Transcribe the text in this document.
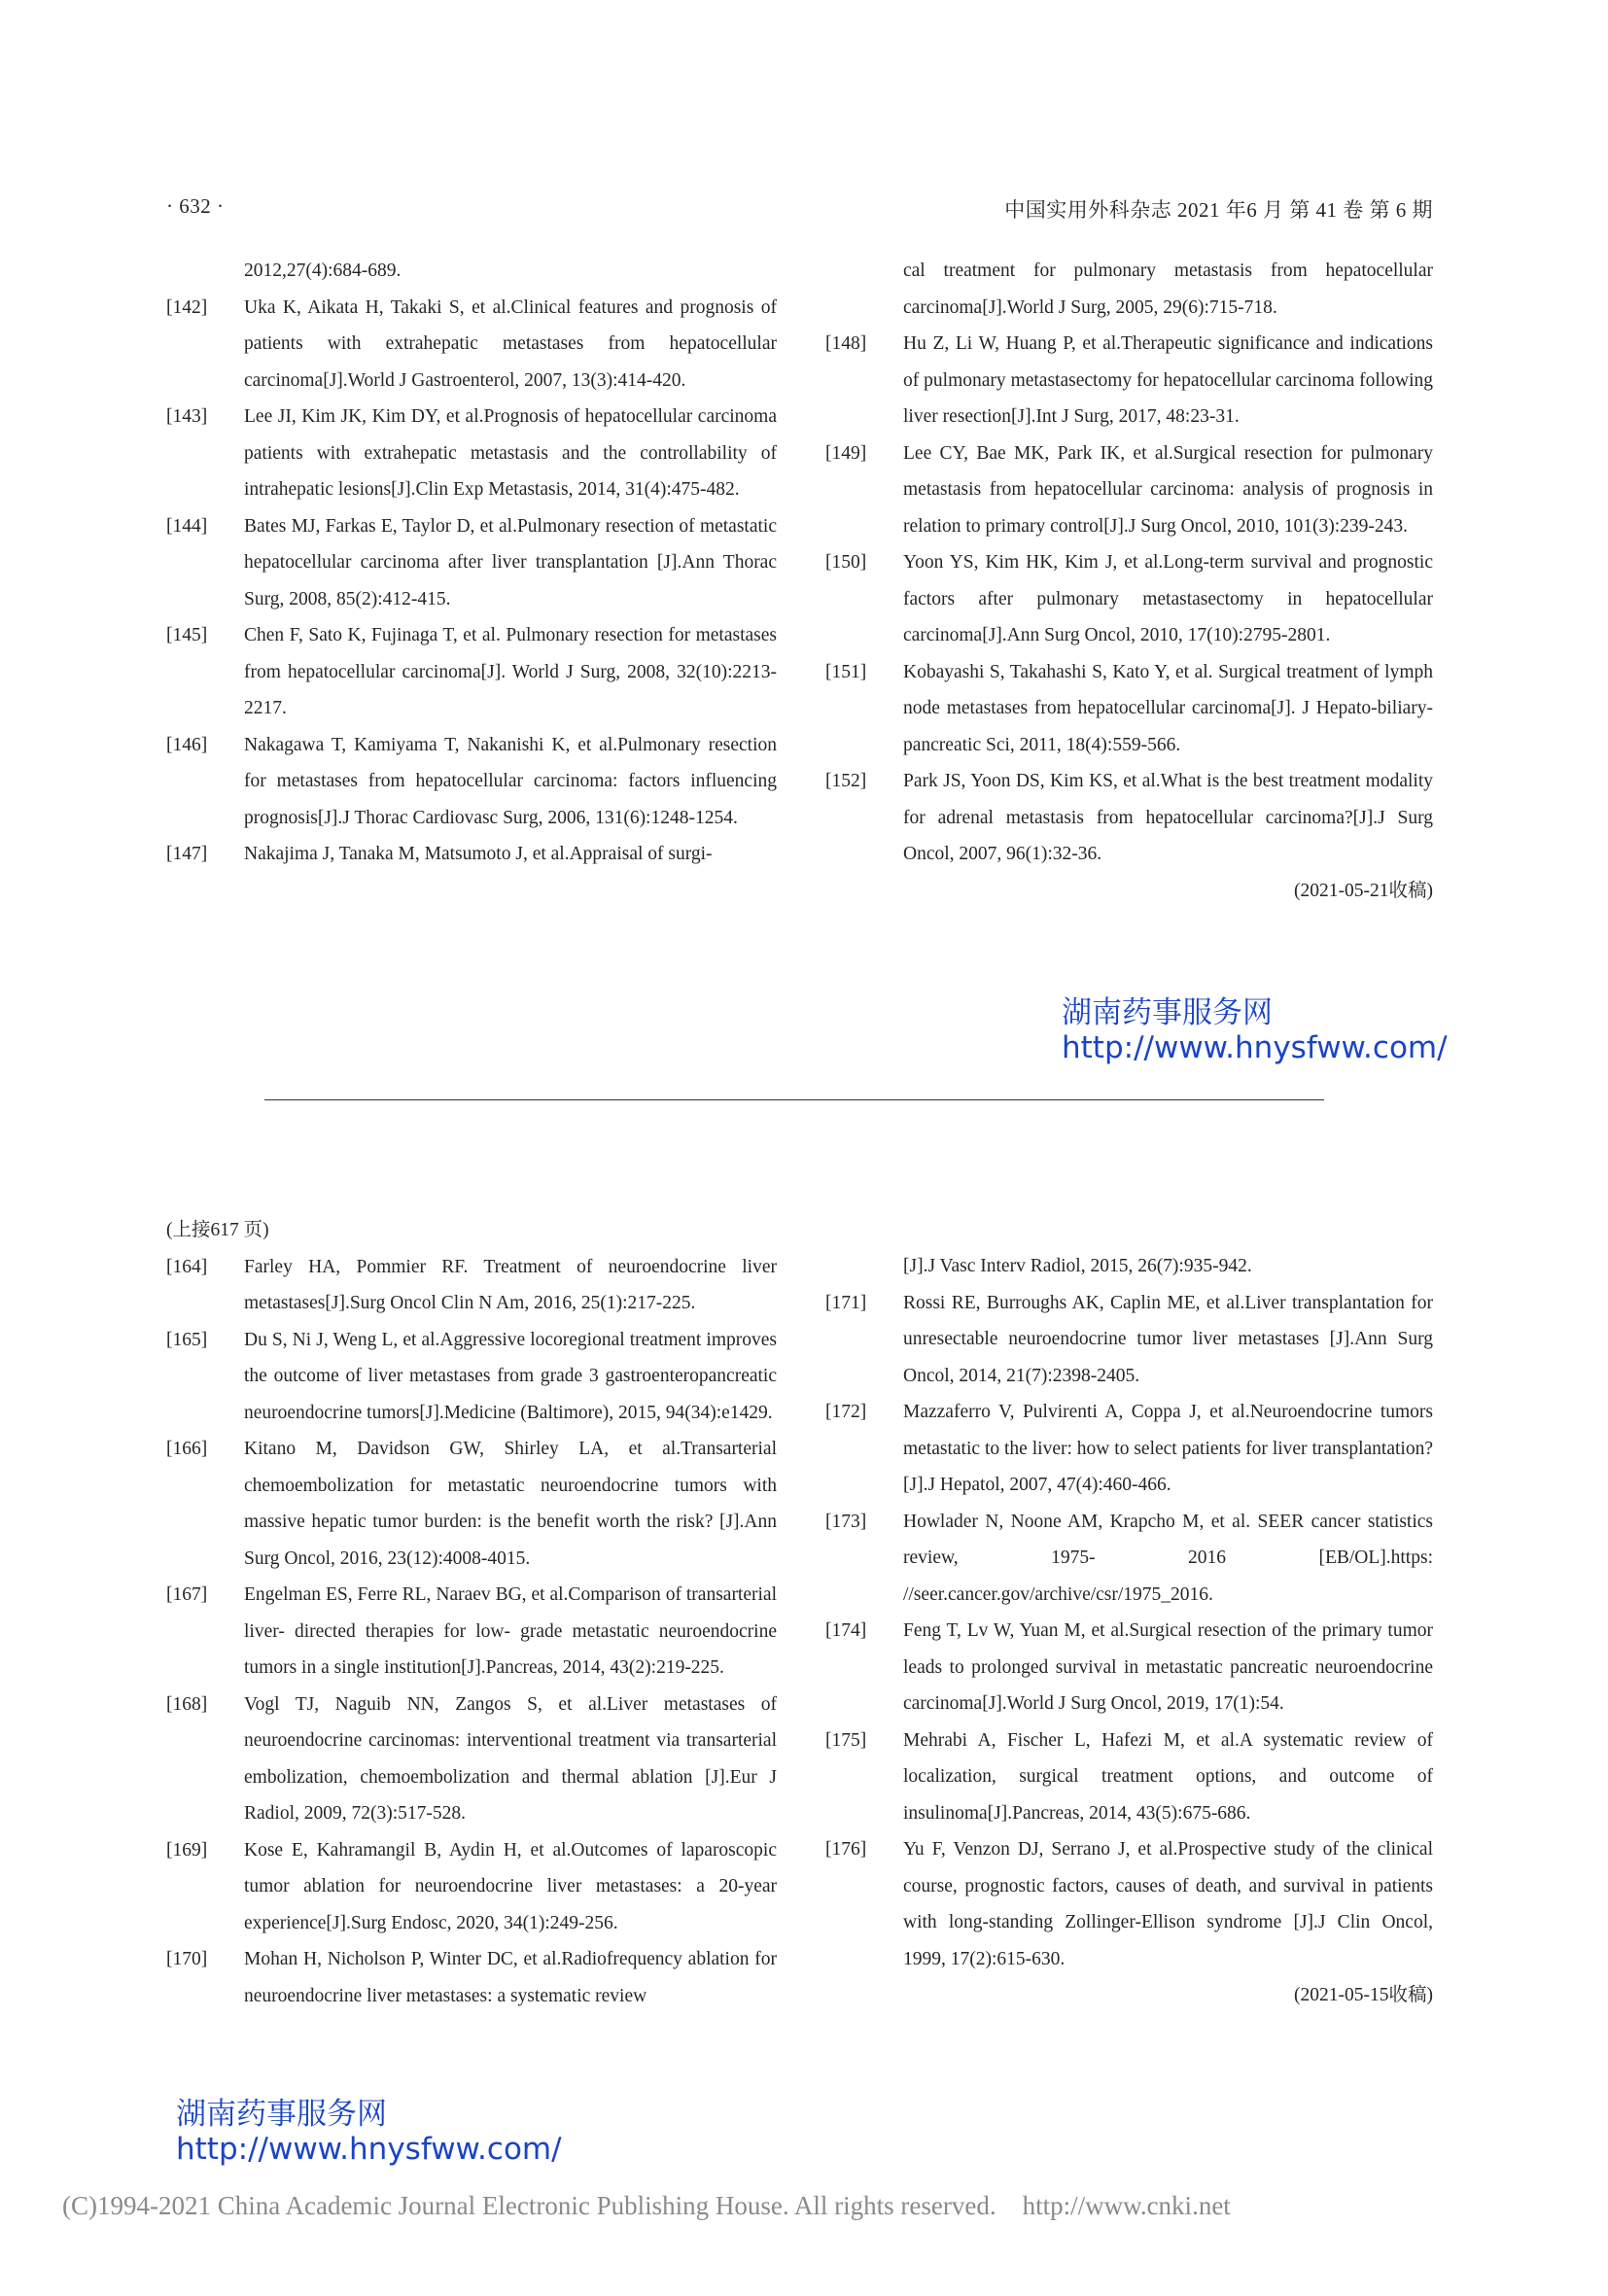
· 632 ·	中国实用外科杂志 2021 年6 月 第 41 卷 第 6 期
2012,27(4):684-689.
[142] Uka K, Aikata H, Takaki S, et al.Clinical features and prognosis of patients with extrahepatic metastases from hepatocellular carcinoma[J].World J Gastroenterol, 2007, 13(3):414-420.
[143] Lee JI, Kim JK, Kim DY, et al.Prognosis of hepatocellular carcinoma patients with extrahepatic metastasis and the controllability of intrahepatic lesions[J].Clin Exp Metastasis, 2014, 31(4):475-482.
[144] Bates MJ, Farkas E, Taylor D, et al.Pulmonary resection of metastatic hepatocellular carcinoma after liver transplantation [J].Ann Thorac Surg, 2008, 85(2):412-415.
[145] Chen F, Sato K, Fujinaga T, et al. Pulmonary resection for metastases from hepatocellular carcinoma[J]. World J Surg, 2008, 32(10):2213-2217.
[146] Nakagawa T, Kamiyama T, Nakanishi K, et al.Pulmonary resection for metastases from hepatocellular carcinoma: factors influencing prognosis[J].J Thorac Cardiovasc Surg, 2006, 131(6):1248-1254.
[147] Nakajima J, Tanaka M, Matsumoto J, et al.Appraisal of surgi-
cal treatment for pulmonary metastasis from hepatocellular carcinoma[J].World J Surg, 2005, 29(6):715-718.
[148] Hu Z, Li W, Huang P, et al.Therapeutic significance and indications of pulmonary metastasectomy for hepatocellular carcinoma following liver resection[J].Int J Surg, 2017, 48:23-31.
[149] Lee CY, Bae MK, Park IK, et al.Surgical resection for pulmonary metastasis from hepatocellular carcinoma: analysis of prognosis in relation to primary control[J].J Surg Oncol, 2010, 101(3):239-243.
[150] Yoon YS, Kim HK, Kim J, et al.Long-term survival and prognostic factors after pulmonary metastasectomy in hepatocellular carcinoma[J].Ann Surg Oncol, 2010, 17(10):2795-2801.
[151] Kobayashi S, Takahashi S, Kato Y, et al. Surgical treatment of lymph node metastases from hepatocellular carcinoma[J]. J Hepato-biliary-pancreatic Sci, 2011, 18(4):559-566.
[152] Park JS, Yoon DS, Kim KS, et al.What is the best treatment modality for adrenal metastasis from hepatocellular carcinoma?[J].J Surg Oncol, 2007, 96(1):32-36.
(2021-05-21收稿)
湖南药事服务网
http://www.hnysfww.com/
(上接617 页)
[164] Farley HA, Pommier RF. Treatment of neuroendocrine liver metastases[J].Surg Oncol Clin N Am, 2016, 25(1):217-225.
[165] Du S, Ni J, Weng L, et al.Aggressive locoregional treatment improves the outcome of liver metastases from grade 3 gastroenteropancreatic neuroendocrine tumors[J].Medicine (Baltimore), 2015, 94(34):e1429.
[166] Kitano M, Davidson GW, Shirley LA, et al.Transarterial chemoembolization for metastatic neuroendocrine tumors with massive hepatic tumor burden: is the benefit worth the risk? [J].Ann Surg Oncol, 2016, 23(12):4008-4015.
[167] Engelman ES, Ferre RL, Naraev BG, et al.Comparison of transarterial liver- directed therapies for low- grade metastatic neuroendocrine tumors in a single institution[J].Pancreas, 2014, 43(2):219-225.
[168] Vogl TJ, Naguib NN, Zangos S, et al.Liver metastases of neuroendocrine carcinomas: interventional treatment via transarterial embolization, chemoembolization and thermal ablation [J].Eur J Radiol, 2009, 72(3):517-528.
[169] Kose E, Kahramangil B, Aydin H, et al.Outcomes of laparoscopic tumor ablation for neuroendocrine liver metastases: a 20-year experience[J].Surg Endosc, 2020, 34(1):249-256.
[170] Mohan H, Nicholson P, Winter DC, et al.Radiofrequency ablation for neuroendocrine liver metastases: a systematic review
[J].J Vasc Interv Radiol, 2015, 26(7):935-942.
[171] Rossi RE, Burroughs AK, Caplin ME, et al.Liver transplantation for unresectable neuroendocrine tumor liver metastases [J].Ann Surg Oncol, 2014, 21(7):2398-2405.
[172] Mazzaferro V, Pulvirenti A, Coppa J, et al.Neuroendocrine tumors metastatic to the liver: how to select patients for liver transplantation?[J].J Hepatol, 2007, 47(4):460-466.
[173] Howlader N, Noone AM, Krapcho M, et al. SEER cancer statistics review, 1975- 2016 [EB/OL].https: //seer.cancer.gov/archive/csr/1975_2016.
[174] Feng T, Lv W, Yuan M, et al.Surgical resection of the primary tumor leads to prolonged survival in metastatic pancreatic neuroendocrine carcinoma[J].World J Surg Oncol, 2019, 17(1):54.
[175] Mehrabi A, Fischer L, Hafezi M, et al.A systematic review of localization, surgical treatment options, and outcome of insulinoma[J].Pancreas, 2014, 43(5):675-686.
[176] Yu F, Venzon DJ, Serrano J, et al.Prospective study of the clinical course, prognostic factors, causes of death, and survival in patients with long-standing Zollinger-Ellison syndrome [J].J Clin Oncol, 1999, 17(2):615-630.
(2021-05-15收稿)
湖南药事服务网
http://www.hnysfww.com/
(C)1994-2021 China Academic Journal Electronic Publishing House. All rights reserved. http://www.cnki.net
